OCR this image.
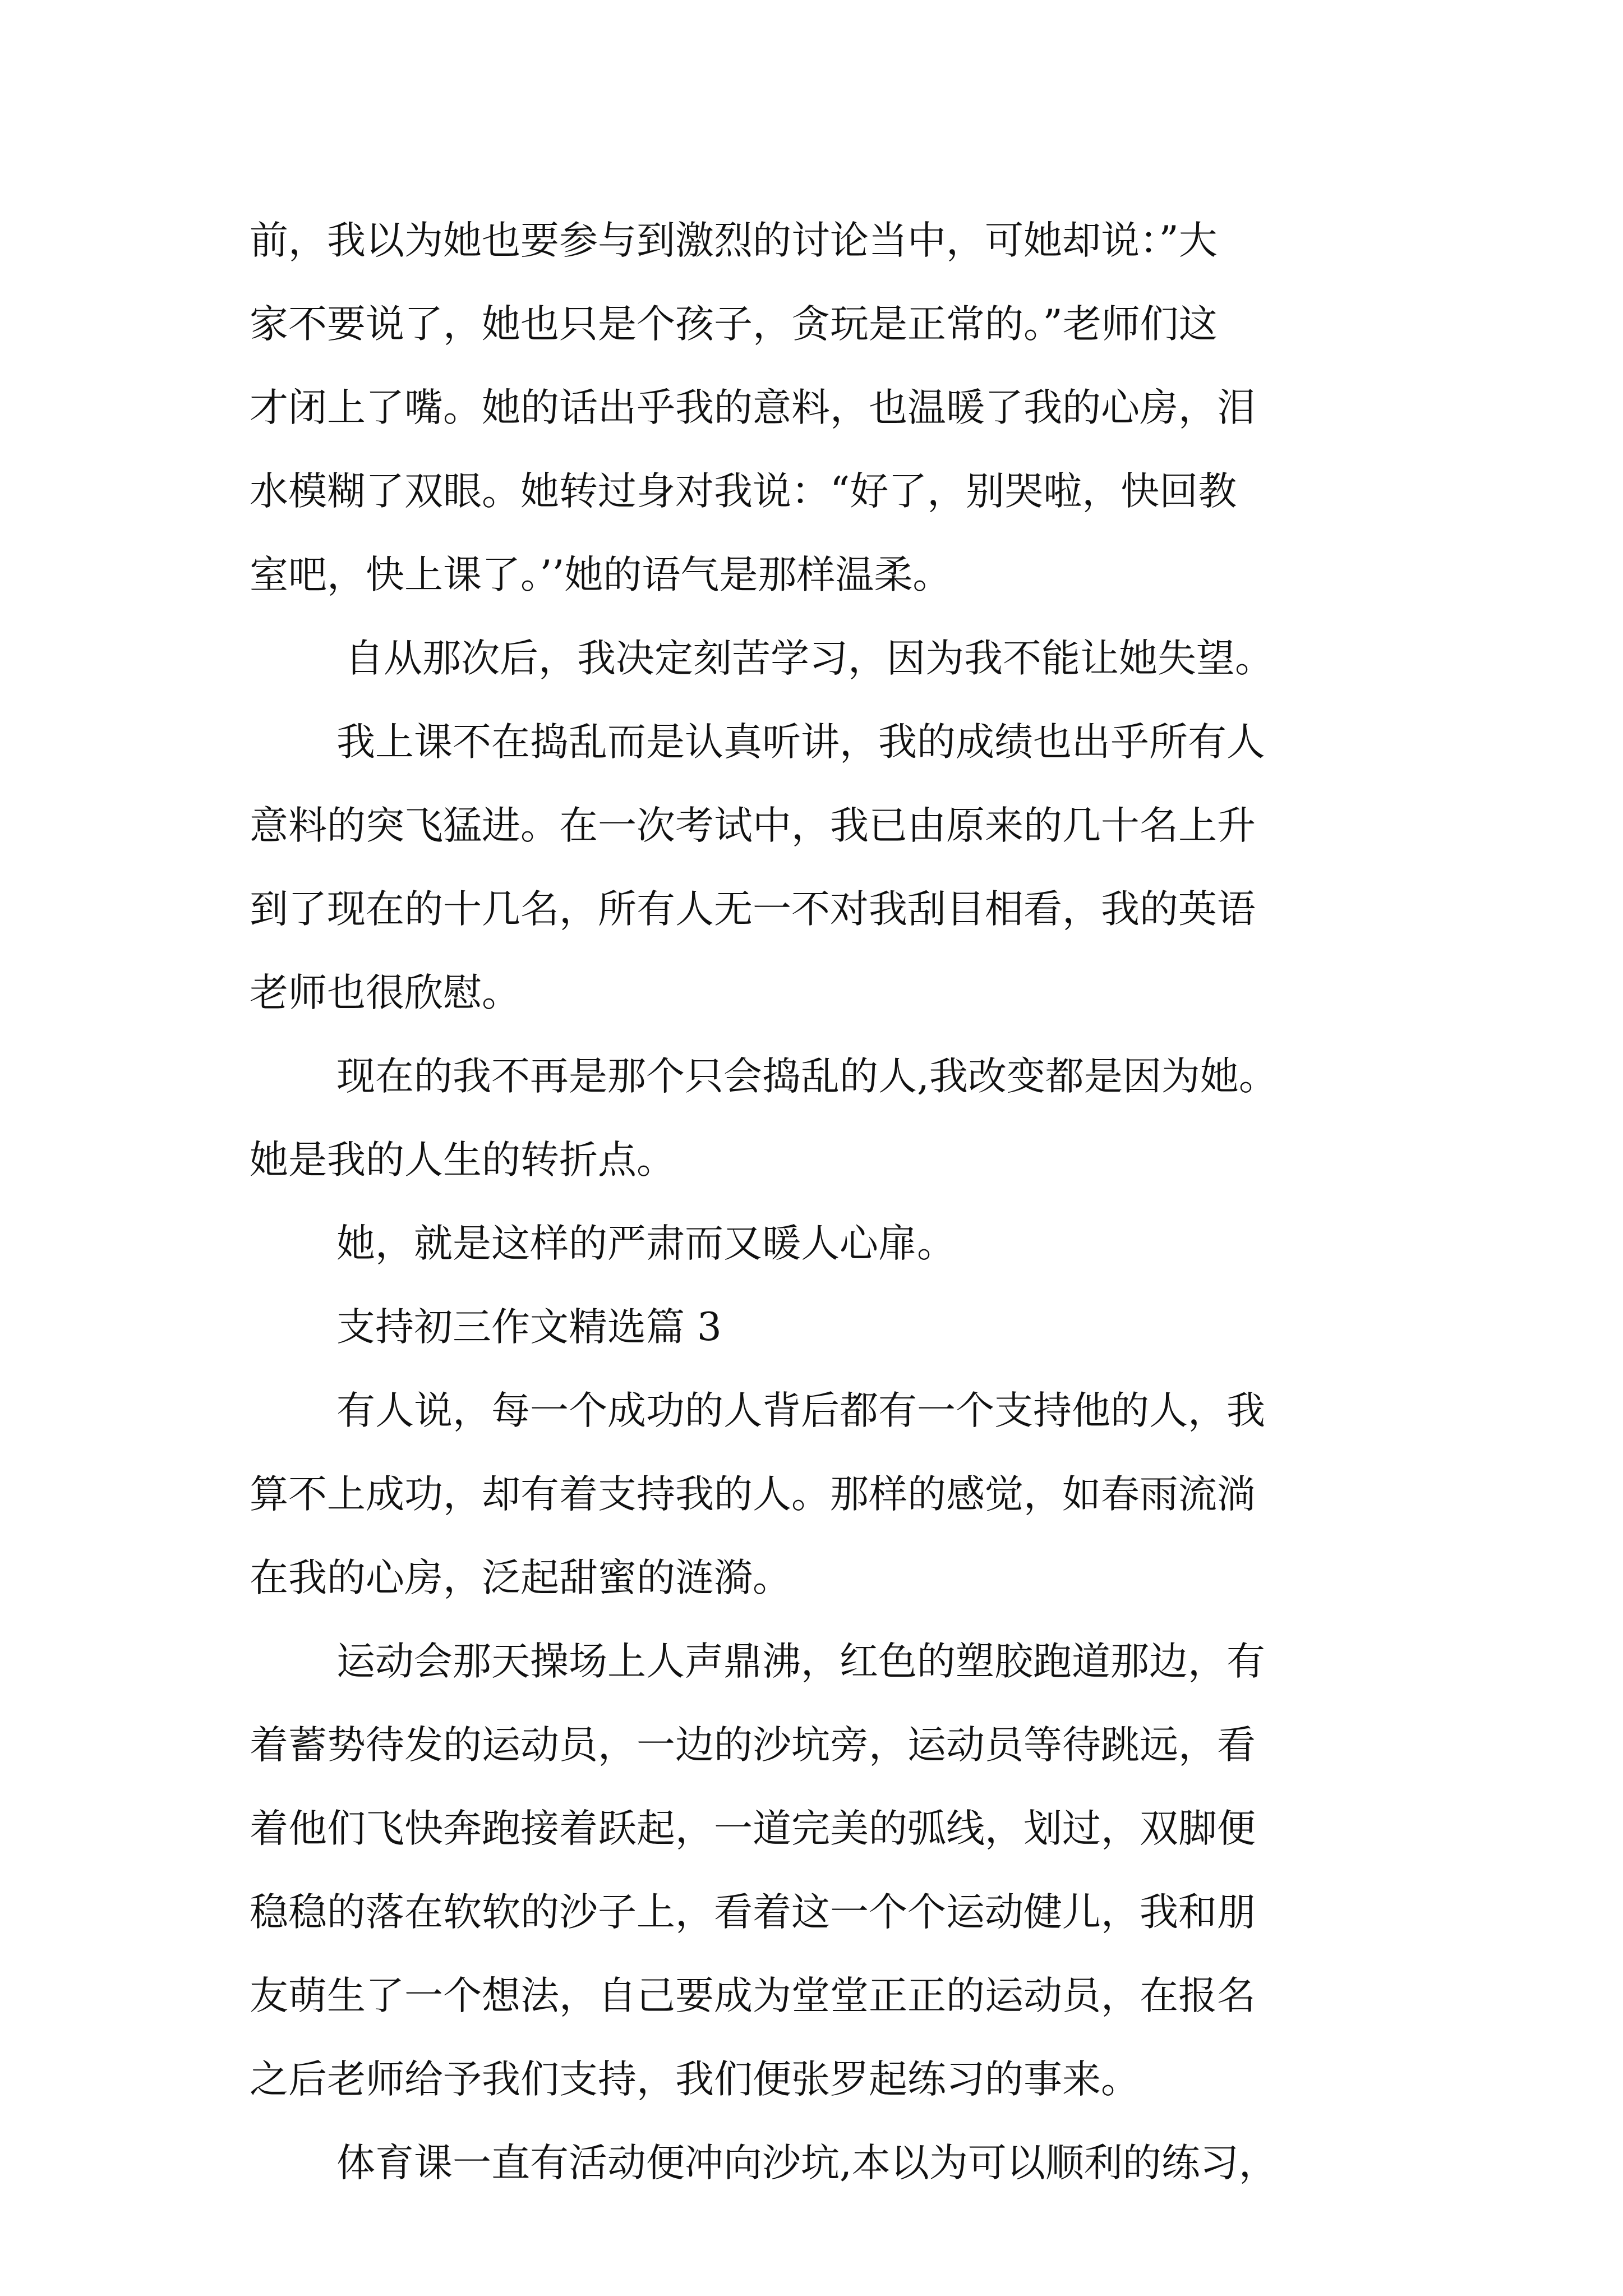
前，我以为她也要参与到激烈的讨论当中，可她却说：”大

家不要说了，她也只是个孩子，贪玩是正常的。”老师们这

才闭上了嘴。她的话出乎我的意料，也温暖了我的心房，泪

水模糊了双眼。她转过身对我说：“好了，别哭啦，快回教

室吧，快上课了。’’她的语气是那样温柔。

自从那次后，我决定刻苦学习，因为我不能让她失望。

我上课不在捣乱而是认真听讲，我的成绩也出乎所有人

意料的突飞猛进。在一次考试中，我已由原来的几十名上升

到了现在的十几名，所有人无一不对我刮目相看，我的英语

老师也很欣慰。

现在的我不再是那个只会捣乱的人,我改变都是因为她。

她是我的人生的转折点。

她，就是这样的严肃而又暖人心扉。

支持初三作文精选篇 3

有人说，每一个成功的人背后都有一个支持他的人，我

算不上成功，却有着支持我的人。那样的感觉，如春雨流淌

在我的心房，泛起甜蜜的涟漪。

运动会那天操场上人声鼎沸，红色的塑胶跑道那边，有

着蓄势待发的运动员，一边的沙坑旁，运动员等待跳远，看

着他们飞快奔跑接着跃起，一道完美的弧线，划过，双脚便

稳稳的落在软软的沙子上，看着这一个个运动健儿，我和朋

友萌生了一个想法，自己要成为堂堂正正的运动员，在报名

之后老师给予我们支持，我们便张罗起练习的事来。

体育课一直有活动便冲向沙坑,本以为可以顺利的练习，
